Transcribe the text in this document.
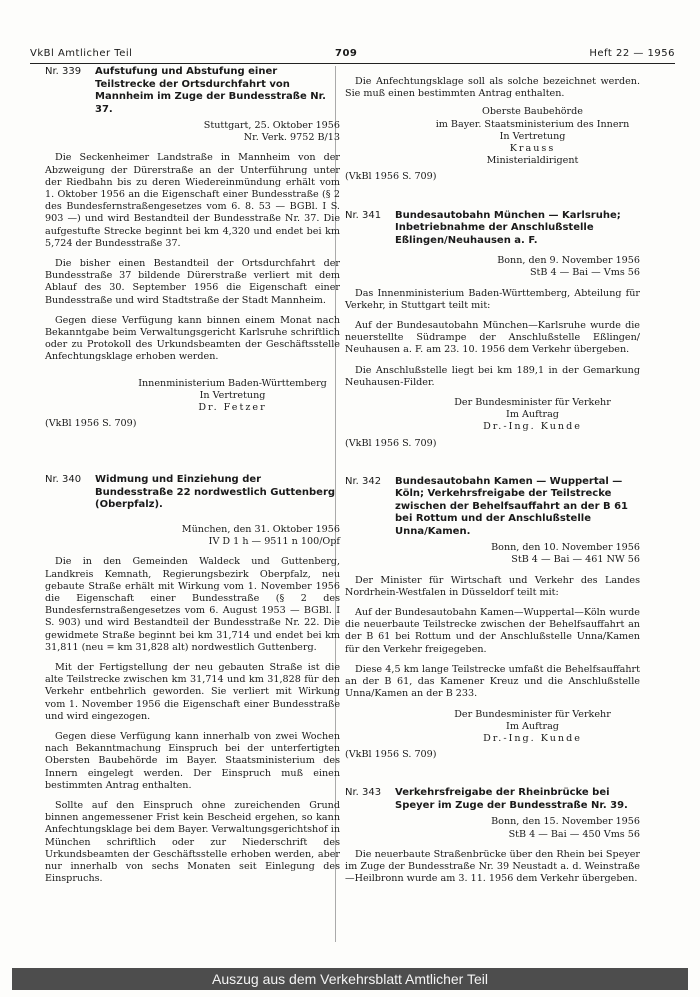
VkBl Amtlicher Teil	709	Heft 22 — 1956
Nr. 339	Aufstufung und Abstufung einer Teilstrecke der Ortsdurchfahrt von Mannheim im Zuge der Bundesstraße Nr. 37.
Stuttgart, 25. Oktober 1956
Nr. Verk. 9752 B/13

Die Seckenheimer Landstraße in Mannheim von der Abzweigung der Dürerstraße an der Unterführung unter der Riedbahn bis zu deren Wiedereinmündung erhält vom 1. Oktober 1956 an die Eigenschaft einer Bundesstraße (§ 2 des Bundesfernstraßengesetzes vom 6. 8. 53 — BGBl. I S. 903 —) und wird Bestandteil der Bundesstraße Nr. 37. Die aufgestufte Strecke beginnt bei km 4,320 und endet bei km 5,724 der Bundesstraße 37.

Die bisher einen Bestandteil der Ortsdurchfahrt der Bundesstraße 37 bildende Dürerstraße verliert mit dem Ablauf des 30. September 1956 die Eigenschaft einer Bundesstraße und wird Stadtstraße der Stadt Mannheim.

Gegen diese Verfügung kann binnen einem Monat nach Bekanntgabe beim Verwaltungsgericht Karlsruhe schriftlich oder zu Protokoll des Urkundsbeamten der Geschäftsstelle Anfechtungsklage erhoben werden.

Innenministerium Baden-Württemberg
In Vertretung
Dr. Fetzer
(VkBl 1956 S. 709)
Nr. 340	Widmung und Einziehung der Bundesstraße 22 nordwestlich Guttenberg (Oberpfalz).
München, den 31. Oktober 1956
IV D 1 h — 9511 n 100/Opf

Die in den Gemeinden Waldeck und Guttenberg, Landkreis Kemnath, Regierungsbezirk Oberpfalz, neu gebaute Straße erhält mit Wirkung vom 1. November 1956 die Eigenschaft einer Bundesstraße (§ 2 des Bundesfernstraßengesetzes vom 6. August 1953 — BGBl. I S. 903) und wird Bestandteil der Bundesstraße Nr. 22. Die gewidmete Straße beginnt bei km 31,714 und endet bei km 31,811 (neu = km 31,828 alt) nordwestlich Guttenberg.

Mit der Fertigstellung der neu gebauten Straße ist die alte Teilstrecke zwischen km 31,714 und km 31,828 für den Verkehr entbehrlich geworden. Sie verliert mit Wirkung vom 1. November 1956 die Eigenschaft einer Bundesstraße und wird eingezogen.

Gegen diese Verfügung kann innerhalb von zwei Wochen nach Bekanntmachung Einspruch bei der unterfertigten Obersten Baubehörde im Bayer. Staatsministerium des Innern eingelegt werden. Der Einspruch muß einen bestimmten Antrag enthalten.

Sollte auf den Einspruch ohne zureichenden Grund binnen angemessener Frist kein Bescheid ergehen, so kann Anfechtungsklage bei dem Bayer. Verwaltungsgerichtshof in München schriftlich oder zur Niederschrift des Urkundsbeamten der Geschäftsstelle erhoben werden, aber nur innerhalb von sechs Monaten seit Einlegung des Einspruchs.

Die Anfechtungsklage soll als solche bezeichnet werden. Sie muß einen bestimmten Antrag enthalten.

Oberste Baubehörde
im Bayer. Staatsministerium des Innern
In Vertretung
Krauss
Ministerialdirigent
(VkBl 1956 S. 709)
Nr. 341	Bundesautobahn München — Karlsruhe; Inbetriebnahme der Anschlußstelle Eßlingen/Neuhausen a. F.
Bonn, den 9. November 1956
StB 4 — Bai — Vms 56

Das Innenministerium Baden-Württemberg, Abteilung für Verkehr, in Stuttgart teilt mit:

Auf der Bundesautobahn München—Karlsruhe wurde die neuerstellte Südrampe der Anschlußstelle Eßlingen/ Neuhausen a. F. am 23. 10. 1956 dem Verkehr übergeben.

Die Anschlußstelle liegt bei km 189,1 in der Gemarkung Neuhausen-Filder.

Der Bundesminister für Verkehr
Im Auftrag
Dr.-Ing. Kunde
(VkBl 1956 S. 709)
Nr. 342	Bundesautobahn Kamen — Wuppertal — Köln; Verkehrsfreigabe der Teilstrecke zwischen der Behelfsauffahrt an der B 61 bei Rottum und der Anschlußstelle Unna/Kamen.
Bonn, den 10. November 1956
StB 4 — Bai — 461 NW 56

Der Minister für Wirtschaft und Verkehr des Landes Nordrhein-Westfalen in Düsseldorf teilt mit:

Auf der Bundesautobahn Kamen—Wuppertal—Köln wurde die neuerbaute Teilstrecke zwischen der Behelfsauffahrt an der B 61 bei Rottum und der Anschlußstelle Unna/Kamen für den Verkehr freigegeben.

Diese 4,5 km lange Teilstrecke umfaßt die Behelfsauffahrt an der B 61, das Kamener Kreuz und die Anschlußstelle Unna/Kamen an der B 233.

Der Bundesminister für Verkehr
Im Auftrag
Dr.-Ing. Kunde
(VkBl 1956 S. 709)
Nr. 343	Verkehrsfreigabe der Rheinbrücke bei Speyer im Zuge der Bundesstraße Nr. 39.
Bonn, den 15. November 1956
StB 4 — Bai — 450 Vms 56

Die neuerbaute Straßenbrücke über den Rhein bei Speyer im Zuge der Bundesstraße Nr. 39 Neustadt a. d. Weinstraße—Heilbronn wurde am 3. 11. 1956 dem Verkehr übergeben.

Auszug aus dem Verkehrsblatt Amtlicher Teil
